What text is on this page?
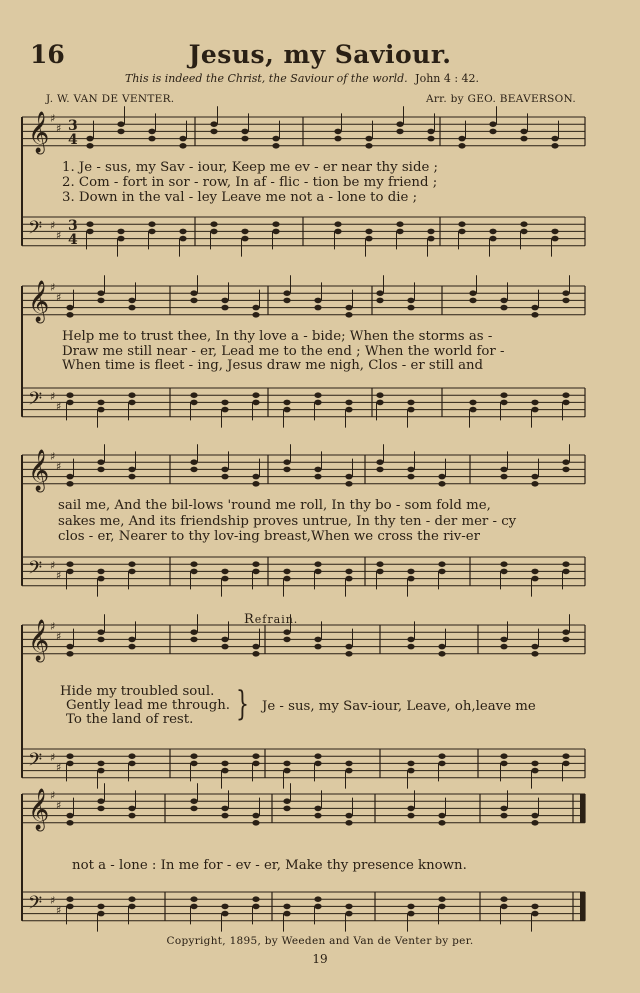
16	Jesus, my Saviour.
This is indeed the Christ, the Saviour of the world. John 4 : 42.
J. W. VAN DE VENTER.	Arr. by GEO. BEAVERSON.
𝄞 ♯
♯
𝄢 ♯
♯
3
4
3
4
𝄞 ♯
♯
𝄢 ♯
♯
𝄞 ♯
♯
𝄢 ♯
♯
𝄞 ♯
♯
𝄢 ♯
♯
𝄞 ♯
♯
𝄢 ♯
♯
1. Je - sus, my Sav - iour, Keep me ev - er near thy side ;
2. Com - fort in sor - row, In af - flic - tion be my friend ;
3. Down in the val - ley Leave me not a - lone to die ;
Help me to trust thee, In thy love a - bide; When the storms as -
Draw me still near - er, Lead me to the end ; When the world for -
When time is fleet - ing, Jesus draw me nigh, Clos - er still and
sail me, And the bil-lows 'round me roll, In thy bo - som fold me,
sakes me, And its friendship proves untrue, In thy ten - der mer - cy
clos - er, Nearer to thy lov-ing breast,When we cross the riv-er
Refrain.
Hide my troubled soul.
Gently lead me through.
To the land of rest. } Je - sus, my Sav-iour, Leave, oh,leave me
not a - lone : In me for - ev - er, Make thy presence known.
Copyright, 1895, by Weeden and Van de Venter by per.
19
